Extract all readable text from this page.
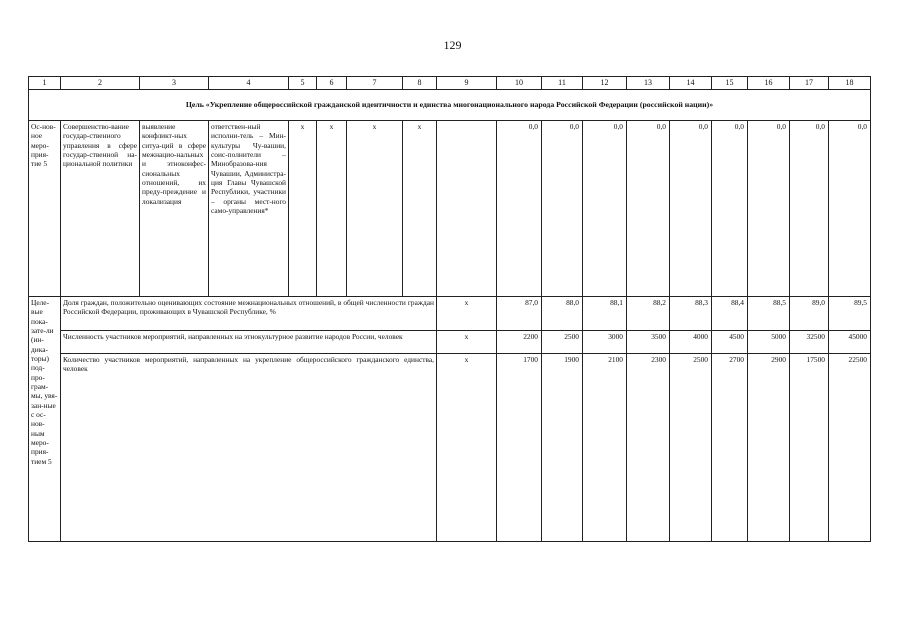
129
1	2	3	4	5	6	7	8	9	10	11	12	13	14	15	16	17	18
Цель «Укрепление общероссийской гражданской идентичности и единства многонационального народа Российской Федерации (российской нации)»																	
Ос-нов-ное меро-прия-тие 5	Совершенство-вание государ-ственного управления в сфере государ-ственной на-циональной политики	выявление конфликт-ных ситуа-ций в сфере межнацио-нальных и этноконфес-сиональных отношений, их преду-преждение и локализация	ответствен-ный исполни-тель – Мин-культуры Чу-вашии, соис-полнители – Минобразова-ния Чувашии, Администра-ция Главы Чувашской Республики, участники – органы мест-ного само-управления*	x	x	x	x		0,0	0,0	0,0	0,0	0,0	0,0	0,0	0,0	0,0
Целе-вые пока-зате-ли (ин-дика-торы) под-про-грам-мы, увя-зан-ные с ос-нов-ным меро-прия-тием 5	Доля граждан, положительно оценивающих состояние межнациональных отношений, в общей численности граждан Российской Федерации, проживающих в Чувашской Республике, %							x	87,0	88,0	88,1	88,2	88,3	88,4	88,5	89,0	89,5
	Численность участников мероприятий, направленных на этнокультурное развитие народов России, человек							x	2200	2500	3000	3500	4000	4500	5000	32500	45000
	Количество участников мероприятий, направленных на укрепление общероссийского гражданского единства, человек							x	1700	1900	2100	2300	2500	2700	2900	17500	22500
